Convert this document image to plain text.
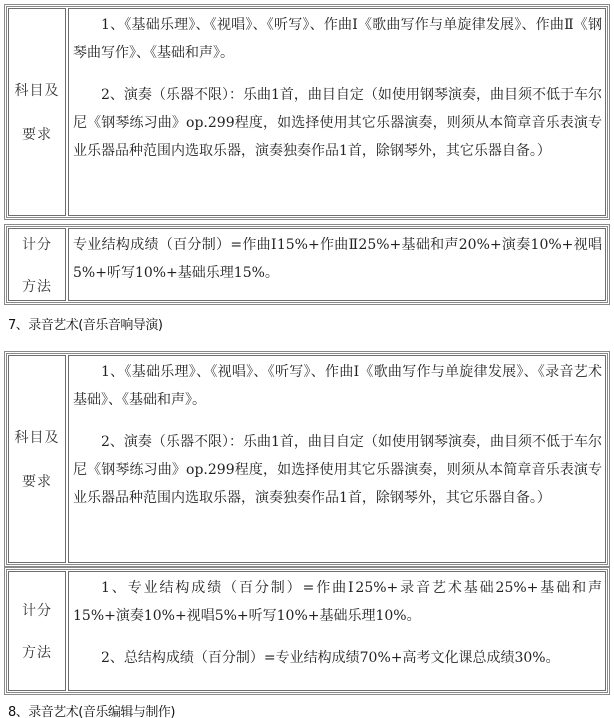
科目及
要求

1、《基础乐理》、《视唱》、《听写》、作曲Ⅰ《歌曲写作与单旋律发展》、作曲Ⅱ《钢琴曲写作》、《基础和声》。

2、演奏（乐器不限）：乐曲1首，曲目自定（如使用钢琴演奏，曲目须不低于车尔尼《钢琴练习曲》op.299程度，如选择使用其它乐器演奏，则须从本简章音乐表演专业乐器品种范围内选取乐器，演奏独奏作品1首，除钢琴外，其它乐器自备。）

计分
方法

专业结构成绩（百分制）=作曲Ⅰ15%+作曲Ⅱ25%+基础和声20%+演奏10%+视唱5%+听写10%+基础乐理15%。

7、录音艺术(音乐音响导演)
科目及
要求

1、《基础乐理》、《视唱》、《听写》、作曲Ⅰ《歌曲写作与单旋律发展》、《录音艺术基础》、《基础和声》。

2、演奏（乐器不限）：乐曲1首，曲目自定（如使用钢琴演奏，曲目须不低于车尔尼《钢琴练习曲》op.299程度，如选择使用其它乐器演奏，则须从本简章音乐表演专业乐器品种范围内选取乐器，演奏独奏作品1首，除钢琴外，其它乐器自备。）

计分
方法

1、专业结构成绩（百分制）=作曲Ⅰ25%+录音艺术基础25%+基础和声15%+演奏10%+视唱5%+听写10%+基础乐理10%。

2、总结构成绩（百分制）=专业结构成绩70%+高考文化课总成绩30%。

8、录音艺术(音乐编辑与制作)
